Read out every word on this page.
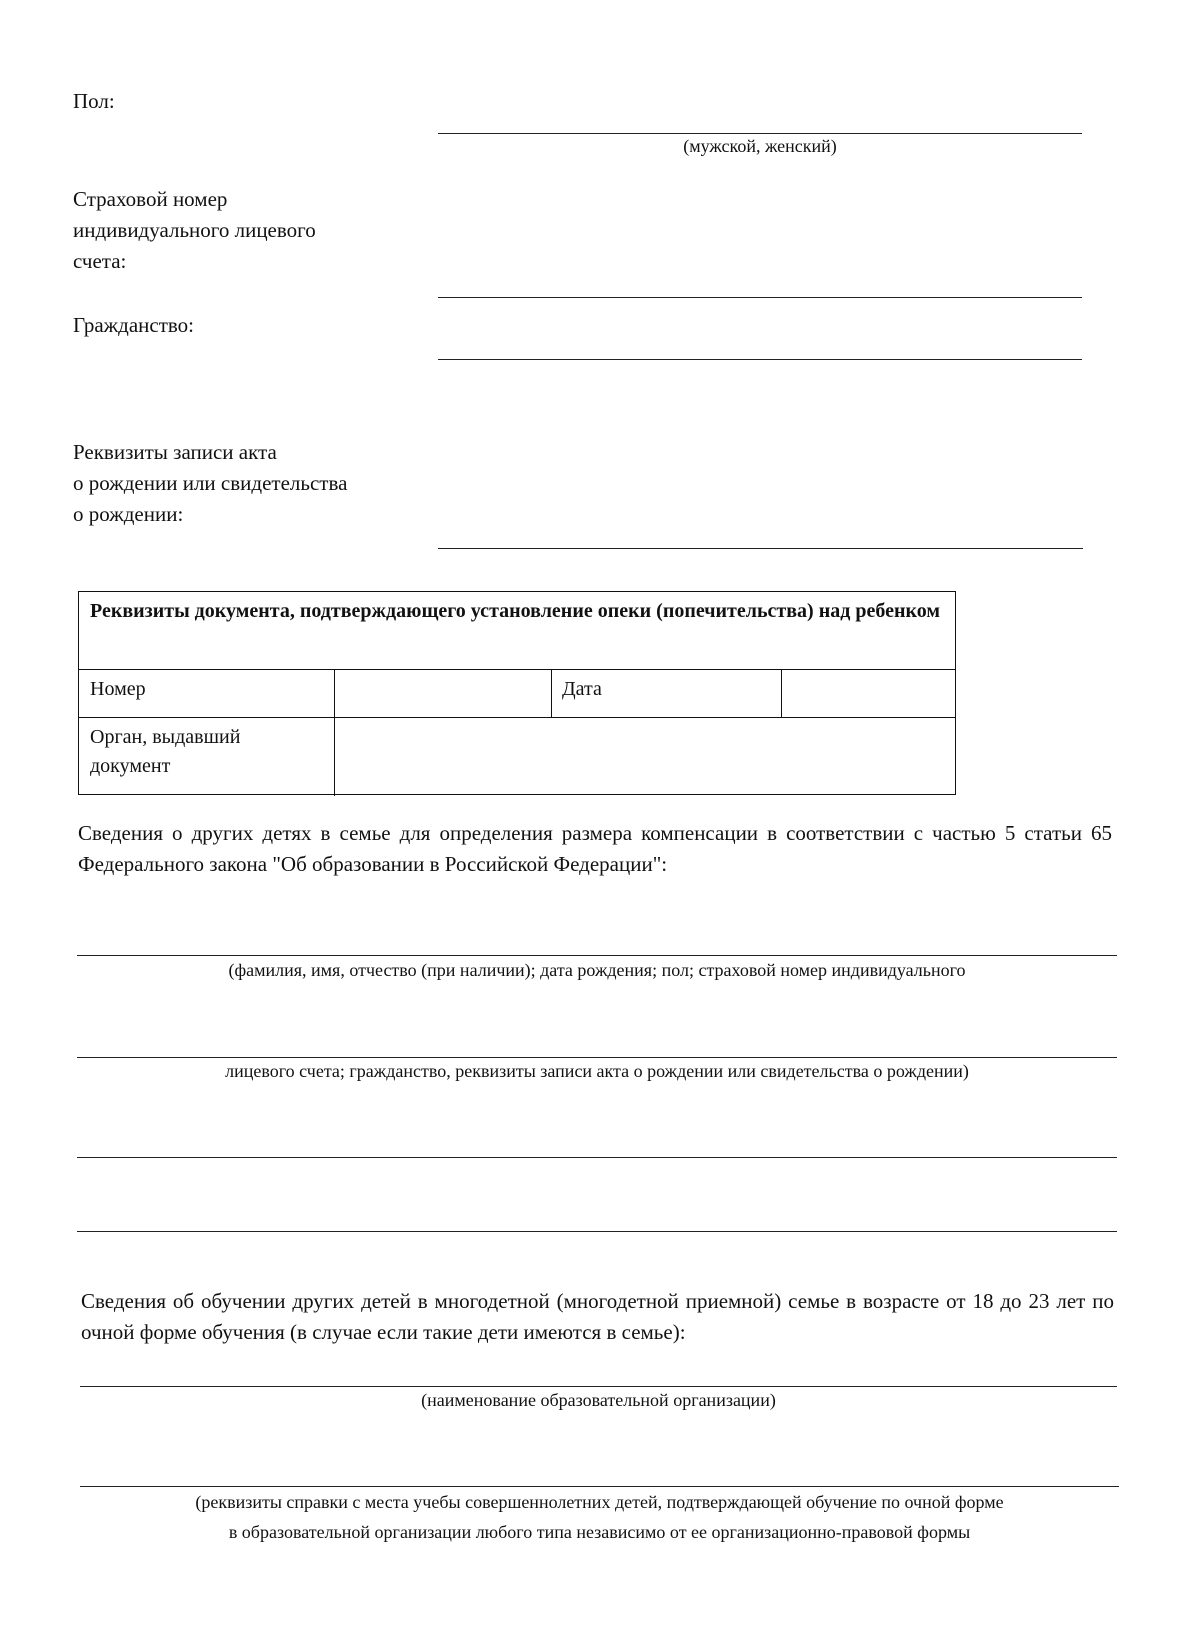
Пол:
(мужской, женский)
Страховой номер
индивидуального лицевого
счета:
Гражданство:
Реквизиты записи акта
о рождении или свидетельства
о рождении:
Реквизиты документа, подтверждающего установление опеки (попечительства) над ребенком
Номер	Дата
Орган, выдавший документ
Сведения о других детях в семье для определения размера компенсации в соответствии с частью 5 статьи 65 Федерального закона "Об образовании в Российской Федерации":
(фамилия, имя, отчество (при наличии); дата рождения; пол; страховой номер индивидуального
лицевого счета; гражданство, реквизиты записи акта о рождении или свидетельства о рождении)
Сведения об обучении других детей в многодетной (многодетной приемной) семье в возрасте от 18 до 23 лет по очной форме обучения (в случае если такие дети имеются в семье):
(наименование образовательной организации)
(реквизиты справки с места учебы совершеннолетних детей, подтверждающей обучение по очной форме
в образовательной организации любого типа независимо от ее организационно-правовой формы
